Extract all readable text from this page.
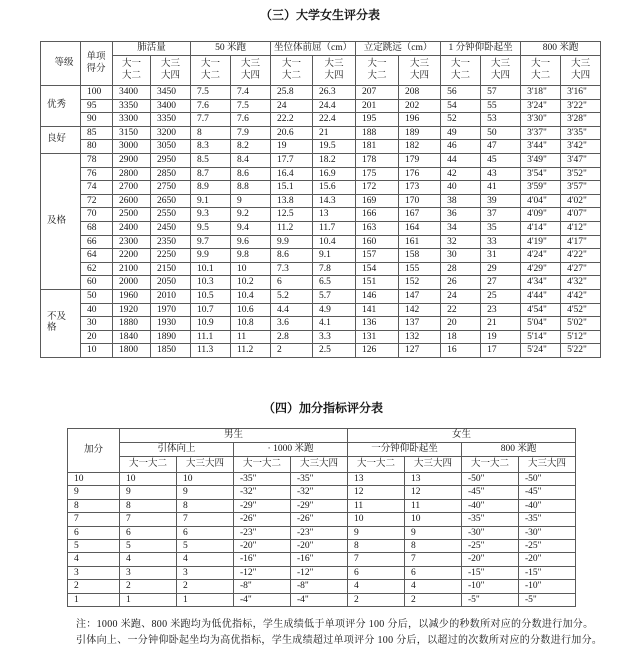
（三）大学女生评分表
等级	单项得分	肺活量		50 米跑		坐位体前屈（cm）		立定跳远（cm）		1 分钟仰卧起坐		800 米跑	

		大一大二	大三大四	大一大二	大三大四	大一大二	大三大四	大一大二	大三大四	大一大二	大三大四	大一大二	大三大四

优秀	100	3400	3450	7.5	7.4	25.8	26.3	207	208	56	57	3'18"	3'16"
	95	3350	3400	7.6	7.5	24	24.4	201	202	54	55	3'24"	3'22"
	90	3300	3350	7.7	7.6	22.2	22.4	195	196	52	53	3'30"	3'28"

良好	85	3150	3200	8	7.9	20.6	21	188	189	49	50	3'37"	3'35"
	80	3000	3050	8.3	8.2	19	19.5	181	182	46	47	3'44"	3'42"

及格	78	2900	2950	8.5	8.4	17.7	18.2	178	179	44	45	3'49"	3'47"
	76	2800	2850	8.7	8.6	16.4	16.9	175	176	42	43	3'54"	3'52"
	74	2700	2750	8.9	8.8	15.1	15.6	172	173	40	41	3'59"	3'57"
	72	2600	2650	9.1	9	13.8	14.3	169	170	38	39	4'04"	4'02"
	70	2500	2550	9.3	9.2	12.5	13	166	167	36	37	4'09"	4'07"
	68	2400	2450	9.5	9.4	11.2	11.7	163	164	34	35	4'14"	4'12"
	66	2300	2350	9.7	9.6	9.9	10.4	160	161	32	33	4'19"	4'17"
	64	2200	2250	9.9	9.8	8.6	9.1	157	158	30	31	4'24"	4'22"
	62	2100	2150	10.1	10	7.3	7.8	154	155	28	29	4'29"	4'27"
	60	2000	2050	10.3	10.2	6	6.5	151	152	26	27	4'34"	4'32"

不及格	50	1960	2010	10.5	10.4	5.2	5.7	146	147	24	25	4'44"	4'42"
	40	1920	1970	10.7	10.6	4.4	4.9	141	142	22	23	4'54"	4'52"
	30	1880	1930	10.9	10.8	3.6	4.1	136	137	20	21	5'04"	5'02"
	20	1840	1890	11.1	11	2.8	3.3	131	132	18	19	5'14"	5'12"
	10	1800	1850	11.3	11.2	2	2.5	126	127	16	17	5'24"	5'22"
（四）加分指标评分表
加分	男生				女生			
	引体向上		· 1000 米跑		一分钟仰卧起坐		800 米跑	
	大一大二	大三大四	大一大二	大三大四	大一大二	大三大四	大一大二	大三大四
10	10	10	-35"	-35"	13	13	-50"	-50"
9	9	9	-32"	-32"	12	12	-45"	-45"
8	8	8	-29"	-29"	11	11	-40"	-40"
7	7	7	-26"	-26"	10	10	-35"	-35"
6	6	6	-23"	-23"	9	9	-30"	-30"
5	5	5	-20"	-20"	8	8	-25"	-25"
4	4	4	-16"	-16"	7	7	-20"	-20"
3	3	3	-12"	-12"	6	6	-15"	-15"
2	2	2	-8"	-8"	4	4	-10"	-10"
1	1	1	-4"	-4"	2	2	-5"	-5"
注：1000 米跑、800 米跑均为低优指标，学生成绩低于单项评分 100 分后，以减少的秒数所对应的分数进行加分。
引体向上、一分钟仰卧起坐均为高优指标，学生成绩超过单项评分 100 分后，以超过的次数所对应的分数进行加分。
